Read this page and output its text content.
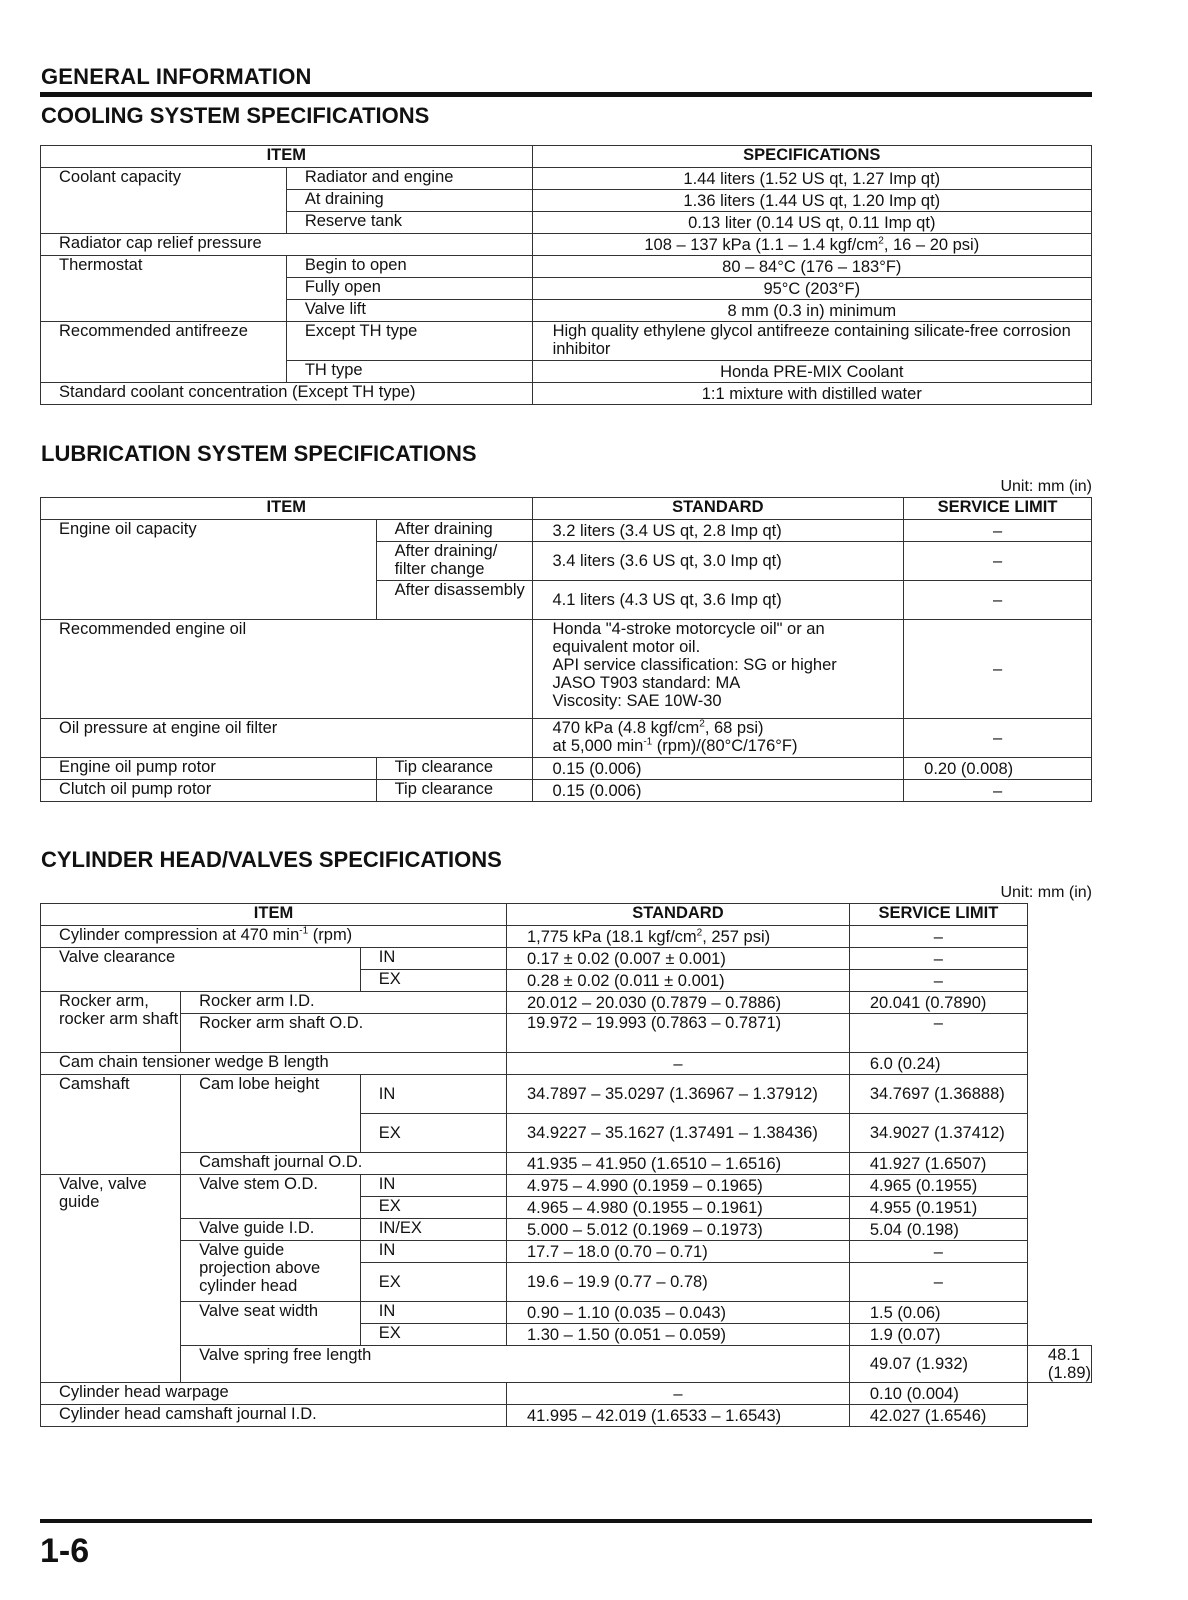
GENERAL INFORMATION
COOLING SYSTEM SPECIFICATIONS
ITEM		SPECIFICATIONS
Coolant capacity	Radiator and engine	1.44 liters (1.52 US qt, 1.27 Imp qt)
	At draining	1.36 liters (1.44 US qt, 1.20 Imp qt)
	Reserve tank	0.13 liter (0.14 US qt, 0.11 Imp qt)
Radiator cap relief pressure		108 – 137 kPa (1.1 – 1.4 kgf/$cm^2$, 16 – 20 psi)
Thermostat	Begin to open	80 – 84°C (176 – 183°F)
	Fully open	95°C (203°F)
	Valve lift	8 mm (0.3 in) minimum
Recommended antifreeze	Except TH type	High quality ethylene glycol antifreeze containing silicate-free corrosion inhibitor
	TH type	Honda PRE-MIX Coolant
Standard coolant concentration (Except TH type)		1:1 mixture with distilled water
LUBRICATION SYSTEM SPECIFICATIONS
Unit: mm (in)
ITEM		STANDARD	SERVICE LIMIT
Engine oil capacity	After draining	3.2 liters (3.4 US qt, 2.8 Imp qt)	–
	After draining/ filter change	3.4 liters (3.6 US qt, 3.0 Imp qt)	–
	After disassembly	4.1 liters (4.3 US qt, 3.6 Imp qt)	–
Recommended engine oil		Honda "4-stroke motorcycle oil" or an
equivalent motor oil.
API service classification: SG or higher
JASO T903 standard: MA
Viscosity: SAE 10W-30	–
Oil pressure at engine oil filter		470 kPa (4.8 kgf/$cm^2$, 68 psi)
at 5,000 $\min^{-1} (rpm)/(80^\circ C/176^\circ F)$	–
Engine oil pump rotor	Tip clearance	0.15 (0.006)	0.20 (0.008)
Clutch oil pump rotor	Tip clearance	0.15 (0.006)	–
CYLINDER HEAD/VALVES SPECIFICATIONS
Unit: mm (in)
ITEM			STANDARD	SERVICE LIMIT	
Cylinder compression at 470 $\min^{-1} (rpm)$			1,775 kPa (18.1 kgf/$cm^2$, 257 psi)	–	
Valve clearance		IN	0.17 ± 0.02 (0.007 ± 0.001)	–	
		EX	0.28 ± 0.02 (0.011 ± 0.001)	–	
Rocker arm, rocker arm shaft	Rocker arm I.D.		20.012 – 20.030 (0.7879 – 0.7886)	20.041 (0.7890)	
	Rocker arm shaft O.D.		19.972 – 19.993 (0.7863 – 0.7871)	–	
Cam chain tensioner wedge B length			–	6.0 (0.24)	
Camshaft	Cam lobe height	IN	34.7897 – 35.0297 (1.36967 – 1.37912)	34.7697 (1.36888)	
		EX	34.9227 – 35.1627 (1.37491 – 1.38436)	34.9027 (1.37412)	
	Camshaft journal O.D.		41.935 – 41.950 (1.6510 – 1.6516)	41.927 (1.6507)	
Valve, valve guide	Valve stem O.D.	IN	4.975 – 4.990 (0.1959 – 0.1965)	4.965 (0.1955)	
		EX	4.965 – 4.980 (0.1955 – 0.1961)	4.955 (0.1951)	
	Valve guide I.D.	IN/EX	5.000 – 5.012 (0.1969 – 0.1973)	5.04 (0.198)	
	Valve guide projection above cylinder head	IN	17.7 – 18.0 (0.70 – 0.71)	–	
		EX	19.6 – 19.9 (0.77 – 0.78)	–	
	Valve seat width	IN	0.90 – 1.10 (0.035 – 0.043)	1.5 (0.06)	
		EX	1.30 – 1.50 (0.051 – 0.059)	1.9 (0.07)	
	Valve spring free length			49.07 (1.932)	48.1 (1.89)
Cylinder head warpage			–	0.10 (0.004)	
Cylinder head camshaft journal I.D.			41.995 – 42.019 (1.6533 – 1.6543)	42.027 (1.6546)	
1-6
